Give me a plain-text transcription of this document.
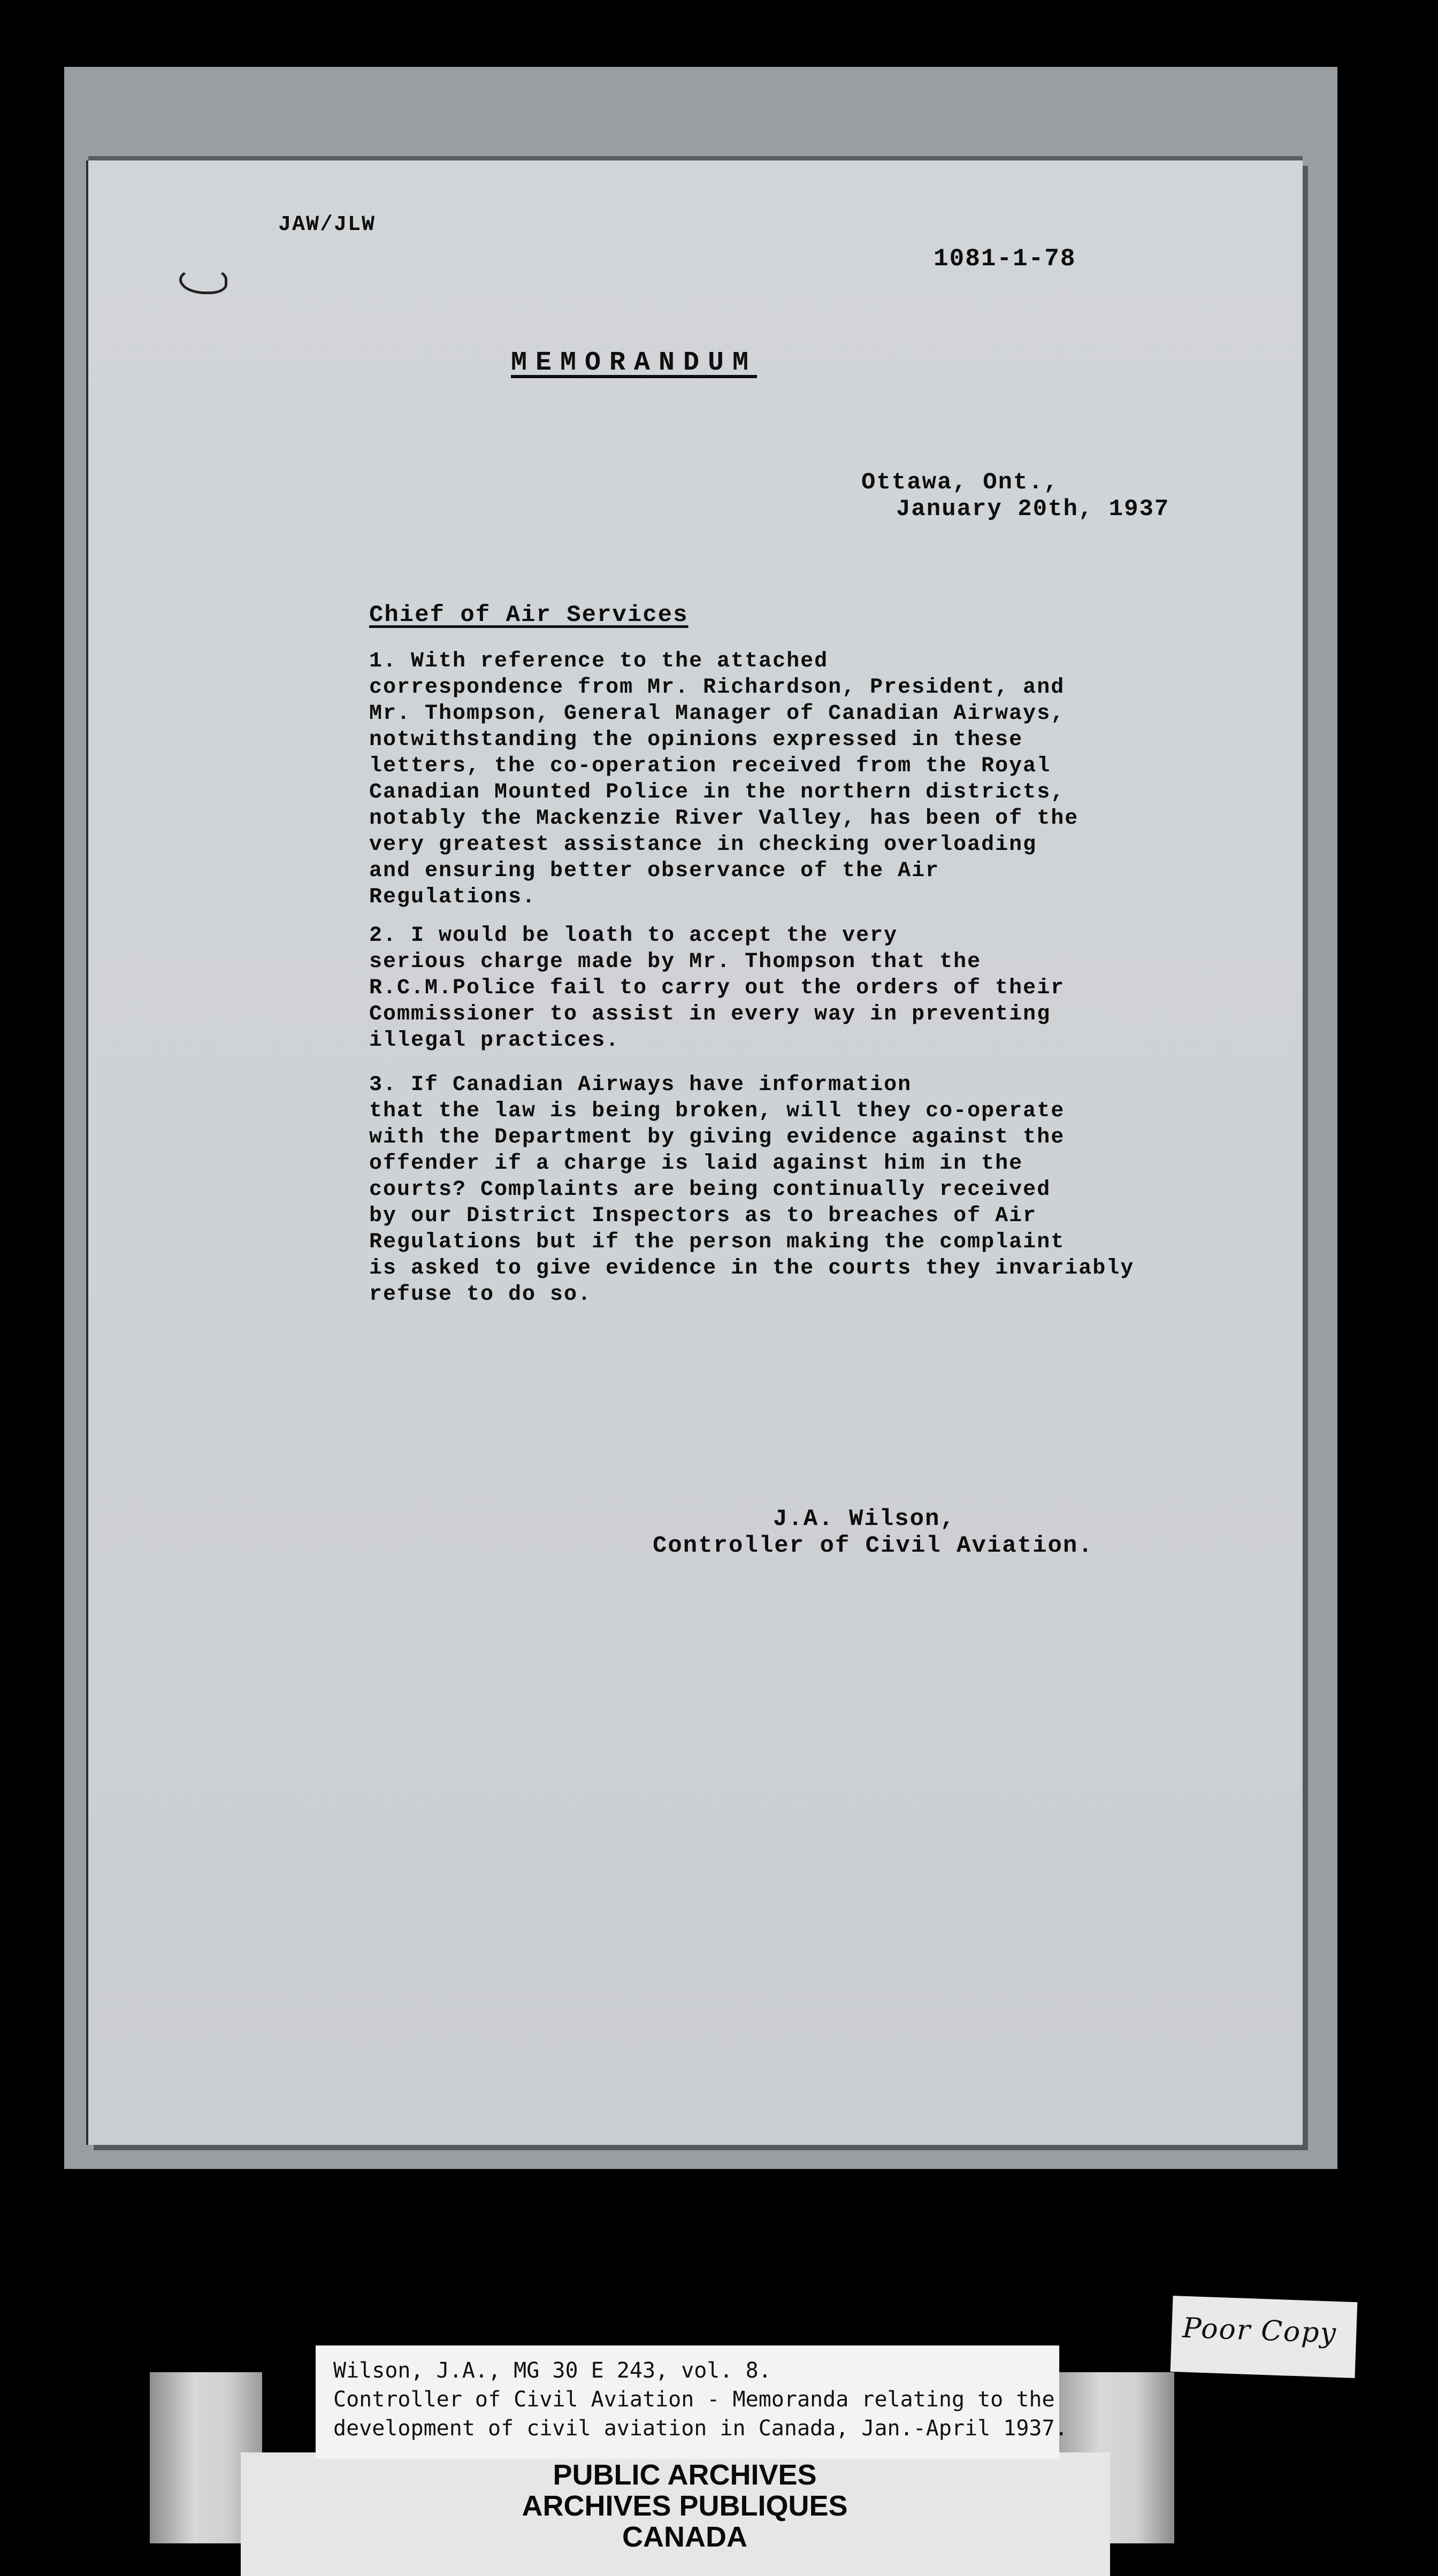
JAW/JLW
1081-1-78
MEMORANDUM
Ottawa, Ont.,
January 20th, 1937
Chief of Air Services
1. With reference to the attached
correspondence from Mr. Richardson, President, and
Mr. Thompson, General Manager of Canadian Airways,
notwithstanding the opinions expressed in these
letters, the co-operation received from the Royal
Canadian Mounted Police in the northern districts,
notably the Mackenzie River Valley, has been of the
very greatest assistance in checking overloading
and ensuring better observance of the Air
Regulations.
2. I would be loath to accept the very
serious charge made by Mr. Thompson that the
R.C.M.Police fail to carry out the orders of their
Commissioner to assist in every way in preventing
illegal practices.
3. If Canadian Airways have information
that the law is being broken, will they co-operate
with the Department by giving evidence against the
offender if a charge is laid against him in the
courts? Complaints are being continually received
by our District Inspectors as to breaches of Air
Regulations but if the person making the complaint
is asked to give evidence in the courts they invariably
refuse to do so.
J.A. Wilson,
Controller of Civil Aviation.
Poor Copy
Wilson, J.A., MG 30 E 243, vol. 8.
Controller of Civil Aviation - Memoranda relating to the
development of civil aviation in Canada, Jan.-April 1937.
PUBLIC ARCHIVES
ARCHIVES PUBLIQUES
CANADA
